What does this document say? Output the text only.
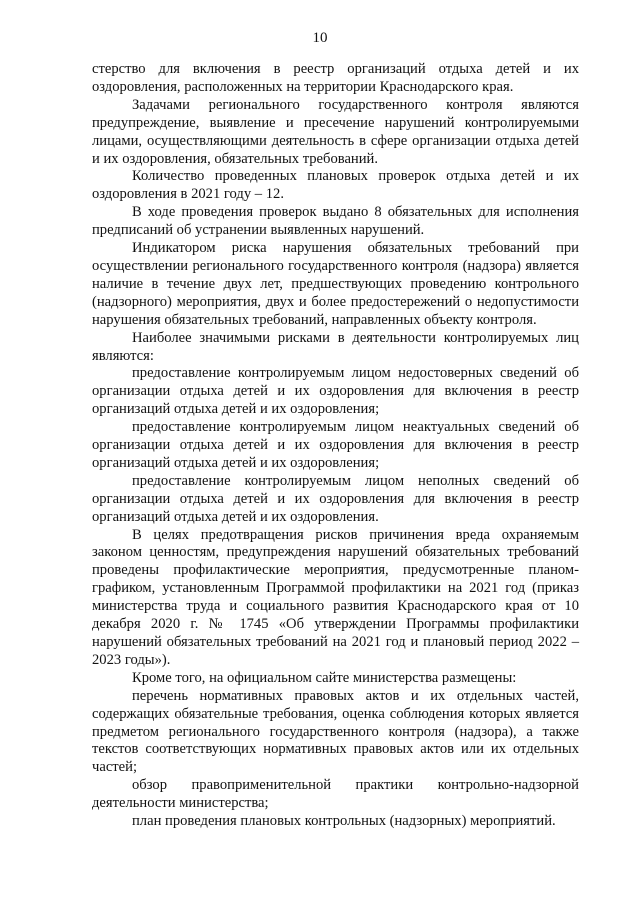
10

стерство для включения в реестр организаций отдыха детей и их оздоровления, расположенных на территории Краснодарского края.

Задачами регионального государственного контроля являются предупреждение, выявление и пресечение нарушений контролируемыми лицами, осуществляющими деятельность в сфере организации отдыха детей и их оздоровления, обязательных требований.

Количество проведенных плановых проверок отдыха детей и их оздоровления в 2021 году – 12.

В ходе проведения проверок выдано 8 обязательных для исполнения предписаний об устранении выявленных нарушений.

Индикатором риска нарушения обязательных требований при осуществлении регионального государственного контроля (надзора) является наличие в течение двух лет, предшествующих проведению контрольного (надзорного) мероприятия, двух и более предостережений о недопустимости нарушения обязательных требований, направленных объекту контроля.

Наиболее значимыми рисками в деятельности контролируемых лиц являются:

предоставление контролируемым лицом недостоверных сведений об организации отдыха детей и их оздоровления для включения в реестр организаций отдыха детей и их оздоровления;

предоставление контролируемым лицом неактуальных сведений об организации отдыха детей и их оздоровления для включения в реестр организаций отдыха детей и их оздоровления;

предоставление контролируемым лицом неполных сведений об организации отдыха детей и их оздоровления для включения в реестр организаций отдыха детей и их оздоровления.

В целях предотвращения рисков причинения вреда охраняемым законом ценностям, предупреждения нарушений обязательных требований проведены профилактические мероприятия, предусмотренные планом-графиком, установленным Программой профилактики на 2021 год (приказ министерства труда и социального развития Краснодарского края от 10 декабря 2020 г. № 1745 «Об утверждении Программы профилактики нарушений обязательных требований на 2021 год и плановый период 2022 – 2023 годы»).

Кроме того, на официальном сайте министерства размещены:

перечень нормативных правовых актов и их отдельных частей, содержащих обязательные требования, оценка соблюдения которых является предметом регионального государственного контроля (надзора), а также текстов соответствующих нормативных правовых актов или их отдельных частей;

обзор правоприменительной практики контрольно-надзорной деятельности министерства;

план проведения плановых контрольных (надзорных) мероприятий.
